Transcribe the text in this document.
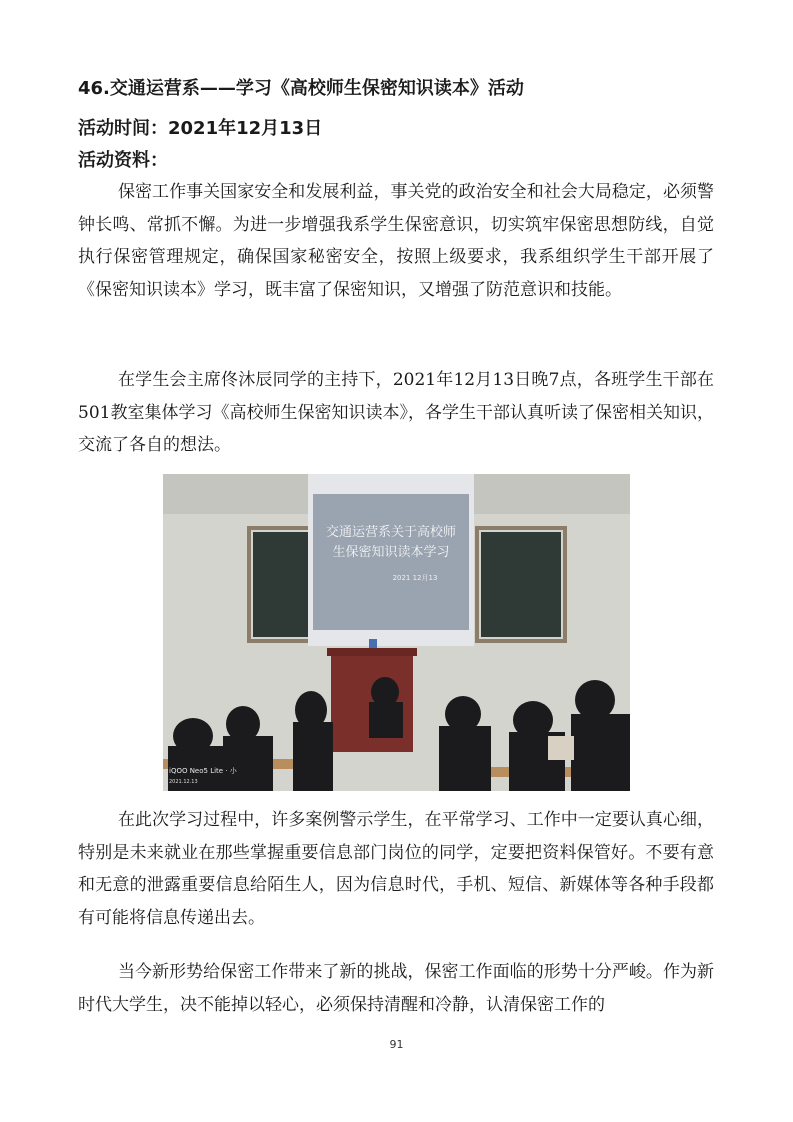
46.交通运营系——学习《高校师生保密知识读本》活动
活动时间：2021年12月13日
活动资料：

保密工作事关国家安全和发展利益，事关党的政治安全和社会大局稳定，必须警钟长鸣、常抓不懈。为进一步增强我系学生保密意识，切实筑牢保密思想防线，自觉执行保密管理规定，确保国家秘密安全，按照上级要求，我系组织学生干部开展了《保密知识读本》学习，既丰富了保密知识，又增强了防范意识和技能。

在学生会主席佟沐辰同学的主持下，2021年12月13日晚7点，各班学生干部在501教室集体学习《高校师生保密知识读本》，各学生干部认真听读了保密相关知识，交流了各自的想法。

交通运营系关于高校师
生保密知识读本学习
2021 12月13
iQOO Neo5 Lite · 小
2021.12.13

在此次学习过程中，许多案例警示学生，在平常学习、工作中一定要认真心细，特别是未来就业在那些掌握重要信息部门岗位的同学，定要把资料保管好。不要有意和无意的泄露重要信息给陌生人，因为信息时代，手机、短信、新媒体等各种手段都有可能将信息传递出去。

当今新形势给保密工作带来了新的挑战，保密工作面临的形势十分严峻。作为新时代大学生，决不能掉以轻心，必须保持清醒和冷静，认清保密工作的

91
